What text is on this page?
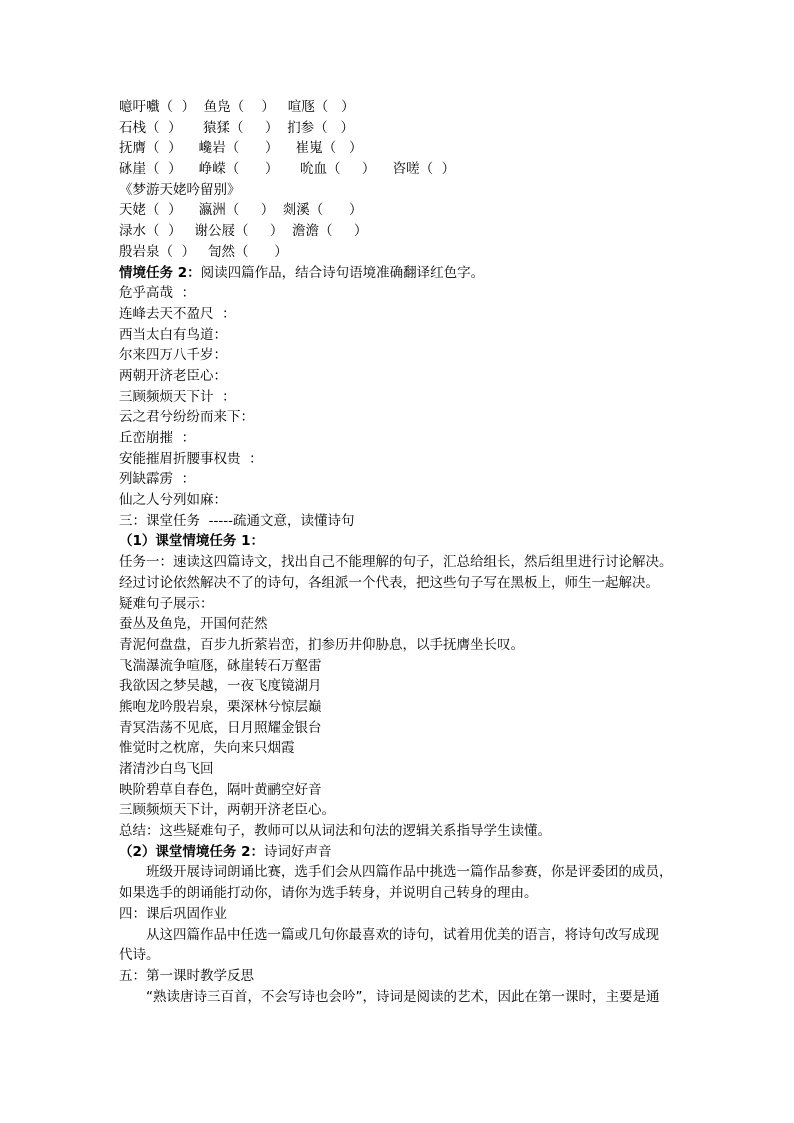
噫吁嚱（  ）  鱼凫（    ）   喧豗（   ）
石栈（  ）     猿猱（     ）  扪参（   ）
抚膺（  ）    巉岩（      ）    崔嵬（   ）
砯崖（  ）    峥嵘（      ）     吮血（     ）    咨嗟（  ）
《梦游天姥吟留别》
天姥（  ）    瀛洲（     ）  剡溪（      ）
渌水（  ）   谢公屐（     ）  澹澹（     ）
殷岩泉（  ）   訇然（      ）
情境任务 2：阅读四篇作品，结合诗句语境准确翻译红色字。
危乎高哉  ：
连峰去天不盈尺  ：
西当太白有鸟道：
尔来四万八千岁：
两朝开济老臣心：
三顾频烦天下计  ：
云之君兮纷纷而来下：
丘峦崩摧  ：
安能摧眉折腰事权贵  ：
列缺霹雳  ：
仙之人兮列如麻：
三：课堂任务  -----疏通文意，读懂诗句
（1）课堂情境任务 1：
任务一：速读这四篇诗文，找出自己不能理解的句子，汇总给组长，然后组里进行讨论解决。
经过讨论依然解决不了的诗句，各组派一个代表，把这些句子写在黑板上，师生一起解决。
疑难句子展示：
蚕丛及鱼凫，开国何茫然
青泥何盘盘，百步九折萦岩峦，扪参历井仰胁息，以手抚膺坐长叹。
飞湍瀑流争喧豗，砯崖转石万壑雷
我欲因之梦吴越，一夜飞度镜湖月
熊咆龙吟殷岩泉，栗深林兮惊层巅
青冥浩荡不见底，日月照耀金银台
惟觉时之枕席，失向来只烟霞
渚清沙白鸟飞回
映阶碧草自春色，隔叶黄鹂空好音
三顾频烦天下计，两朝开济老臣心。
总结：这些疑难句子，教师可以从词法和句法的逻辑关系指导学生读懂。
（2）课堂情境任务 2：诗词好声音
班级开展诗词朗诵比赛，选手们会从四篇作品中挑选一篇作品参赛，你是评委团的成员，
如果选手的朗诵能打动你，请你为选手转身，并说明自己转身的理由。
四：课后巩固作业
从这四篇作品中任选一篇或几句你最喜欢的诗句，试着用优美的语言，将诗句改写成现
代诗。
五：第一课时教学反思
“熟读唐诗三百首，不会写诗也会吟”，诗词是阅读的艺术，因此在第一课时，主要是通
